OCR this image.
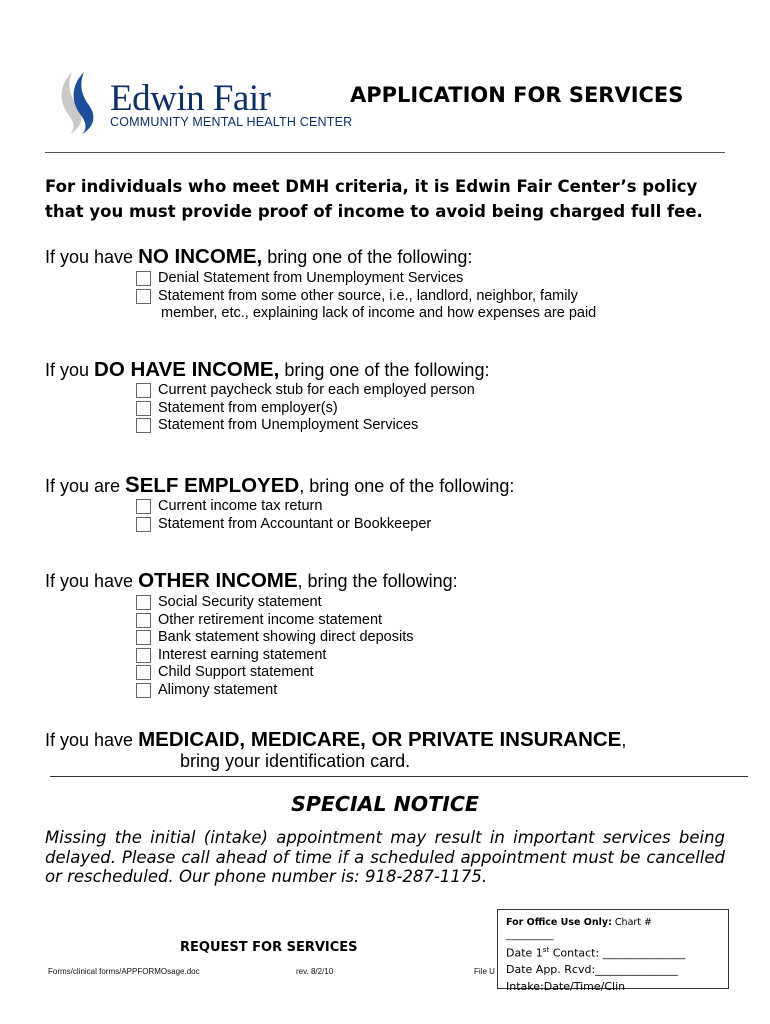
Edwin Fair
COMMUNITY MENTAL HEALTH CENTER
APPLICATION FOR SERVICES
For individuals who meet DMH criteria, it is Edwin Fair Center’s policy that you must provide proof of income to avoid being charged full fee.
If you have NO INCOME, bring one of the following:
Denial Statement from Unemployment Services
Statement from some other source, i.e., landlord, neighbor, family
member, etc., explaining lack of income and how expenses are paid
If you DO HAVE INCOME, bring one of the following:
Current paycheck stub for each employed person
Statement from employer(s)
Statement from Unemployment Services
If you are SELF EMPLOYED, bring one of the following:
Current income tax return
Statement from Accountant or Bookkeeper
If you have OTHER INCOME, bring the following:
Social Security statement
Other retirement income statement
Bank statement showing direct deposits
Interest earning statement
Child Support statement
Alimony statement
If you have MEDICAID, MEDICARE, OR PRIVATE INSURANCE,
bring your identification card.
SPECIAL NOTICE
Missing the initial (intake) appointment may result in important services being delayed. Please call ahead of time if a scheduled appointment must be cancelled or rescheduled. Our phone number is: 918-287-1175.
REQUEST FOR SERVICES
Forms/clinical forms/APPFORMOsage.doc	rev. 8/2/10	File U
For Office Use Only: Chart #
__________
Date 1st Contact: _______________
Date App. Rcvd:_______________
Intake:Date/Time/Clin
